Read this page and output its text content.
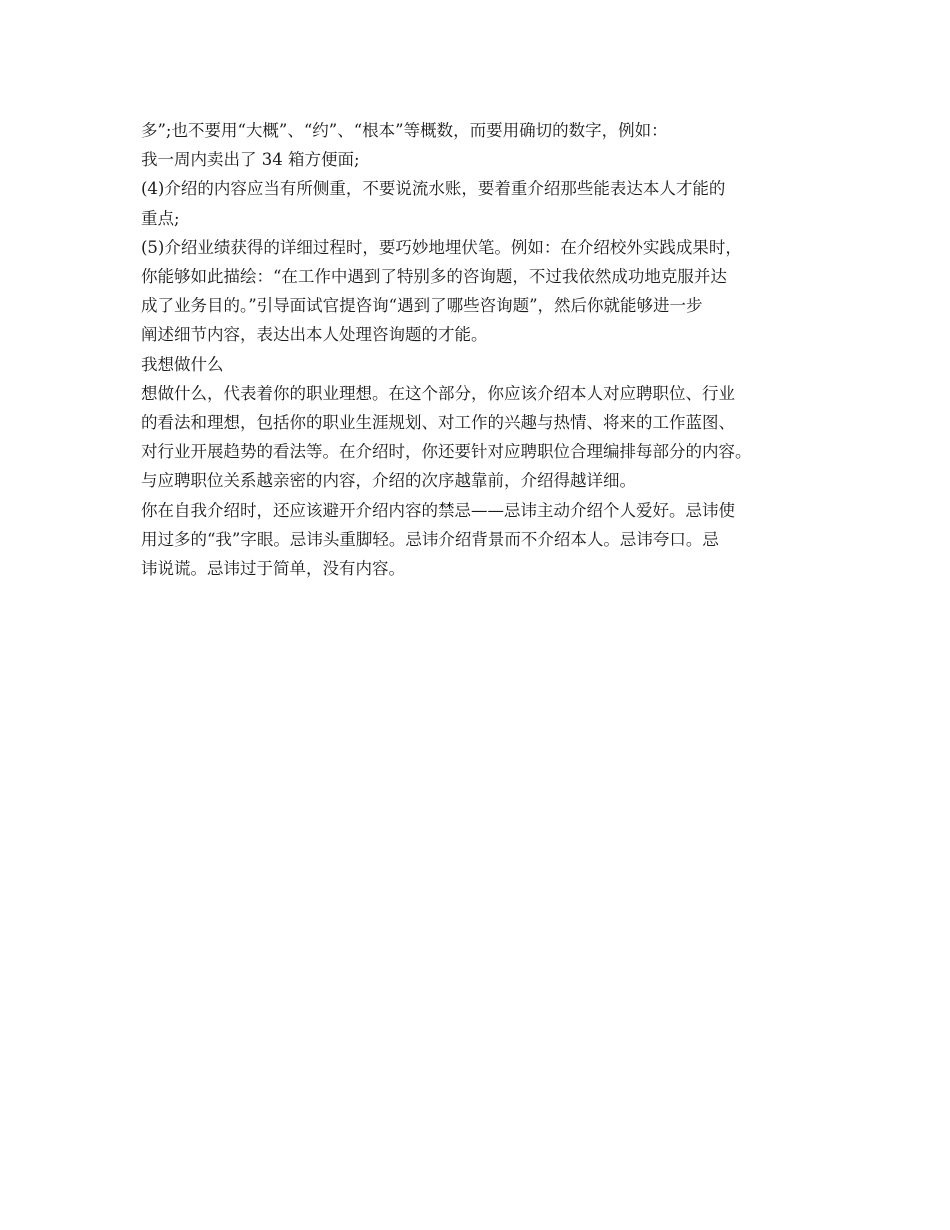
多”;也不要用“大概”、“约”、“根本”等概数，而要用确切的数字，例如：

我一周内卖出了 34 箱方便面;

(4)介绍的内容应当有所侧重，不要说流水账，要着重介绍那些能表达本人才能的

重点;

(5)介绍业绩获得的详细过程时，要巧妙地埋伏笔。例如：在介绍校外实践成果时，

你能够如此描绘：“在工作中遇到了特别多的咨询题，不过我依然成功地克服并达

成了业务目的。”引导面试官提咨询“遇到了哪些咨询题”，然后你就能够进一步

阐述细节内容，表达出本人处理咨询题的才能。

我想做什么

想做什么，代表着你的职业理想。在这个部分，你应该介绍本人对应聘职位、行业

的看法和理想，包括你的职业生涯规划、对工作的兴趣与热情、将来的工作蓝图、

对行业开展趋势的看法等。在介绍时，你还要针对应聘职位合理编排每部分的内容。

与应聘职位关系越亲密的内容，介绍的次序越靠前，介绍得越详细。

你在自我介绍时，还应该避开介绍内容的禁忌——忌讳主动介绍个人爱好。忌讳使

用过多的“我”字眼。忌讳头重脚轻。忌讳介绍背景而不介绍本人。忌讳夸口。忌

讳说谎。忌讳过于简单，没有内容。
